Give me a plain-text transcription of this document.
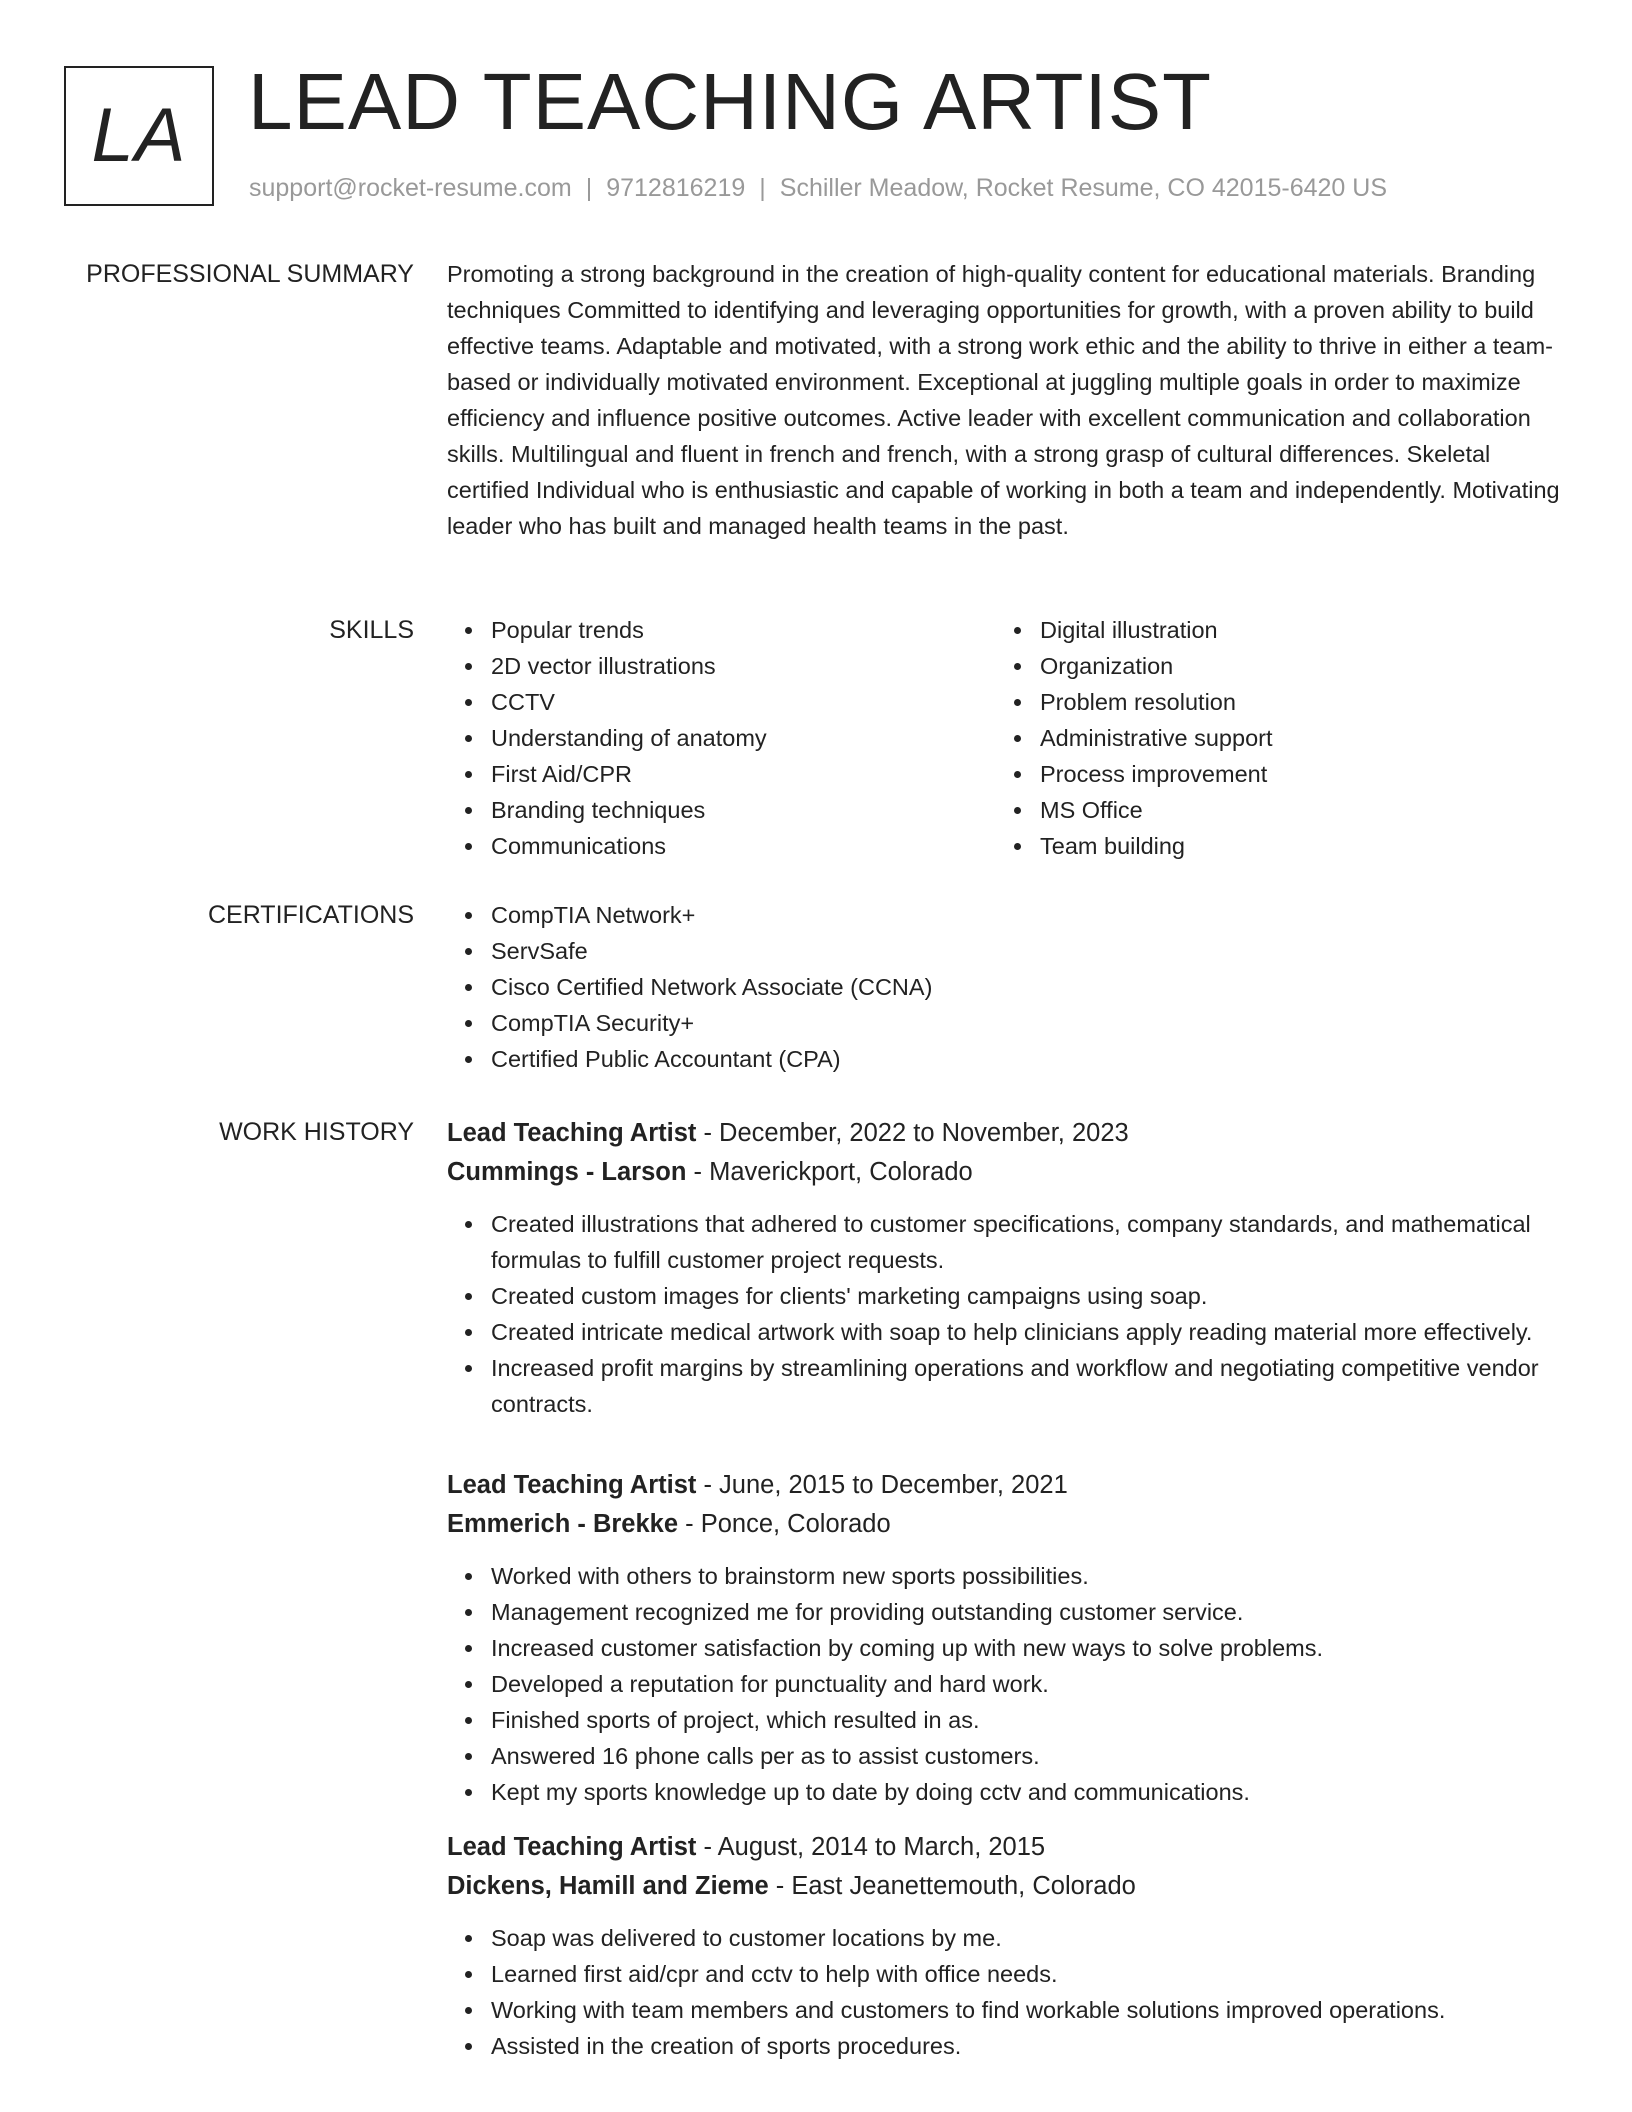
LA LEAD TEACHING ARTIST
support@rocket-resume.com | 9712816219 | Schiller Meadow, Rocket Resume, CO 42015-6420 US
PROFESSIONAL SUMMARY Promoting a strong background in the creation of high-quality content for educational materials. Branding techniques Committed to identifying and leveraging opportunities for growth, with a proven ability to build effective teams. Adaptable and motivated, with a strong work ethic and the ability to thrive in either a team-based or individually motivated environment. Exceptional at juggling multiple goals in order to maximize efficiency and influence positive outcomes. Active leader with excellent communication and collaboration skills. Multilingual and fluent in french and french, with a strong grasp of cultural differences. Skeletal certified Individual who is enthusiastic and capable of working in both a team and independently. Motivating leader who has built and managed health teams in the past.

SKILLS	Popular trends
2D vector illustrations
CCTV
Understanding of anatomy
First Aid/CPR
Branding techniques
Communications
Digital illustration
Organization
Problem resolution
Administrative support
Process improvement
MS Office
Team building
CERTIFICATIONS	CompTIA Network+
ServSafe
Cisco Certified Network Associate (CCNA)
CompTIA Security+
Certified Public Accountant (CPA)
WORK HISTORY Lead Teaching Artist - December, 2022 to November, 2023
Cummings - Larson - Maverickport, Colorado
Created illustrations that adhered to customer specifications, company standards, and mathematical formulas to fulfill customer project requests.
Created custom images for clients' marketing campaigns using soap.
Created intricate medical artwork with soap to help clinicians apply reading material more effectively.
Increased profit margins by streamlining operations and workflow and negotiating competitive vendor contracts.
Lead Teaching Artist - June, 2015 to December, 2021
Emmerich - Brekke - Ponce, Colorado
Worked with others to brainstorm new sports possibilities.
Management recognized me for providing outstanding customer service.
Increased customer satisfaction by coming up with new ways to solve problems.
Developed a reputation for punctuality and hard work.
Finished sports of project, which resulted in as.
Answered 16 phone calls per as to assist customers.
Kept my sports knowledge up to date by doing cctv and communications.
Lead Teaching Artist - August, 2014 to March, 2015
Dickens, Hamill and Zieme - East Jeanettemouth, Colorado
Soap was delivered to customer locations by me.
Learned first aid/cpr and cctv to help with office needs.
Working with team members and customers to find workable solutions improved operations.
Assisted in the creation of sports procedures.
